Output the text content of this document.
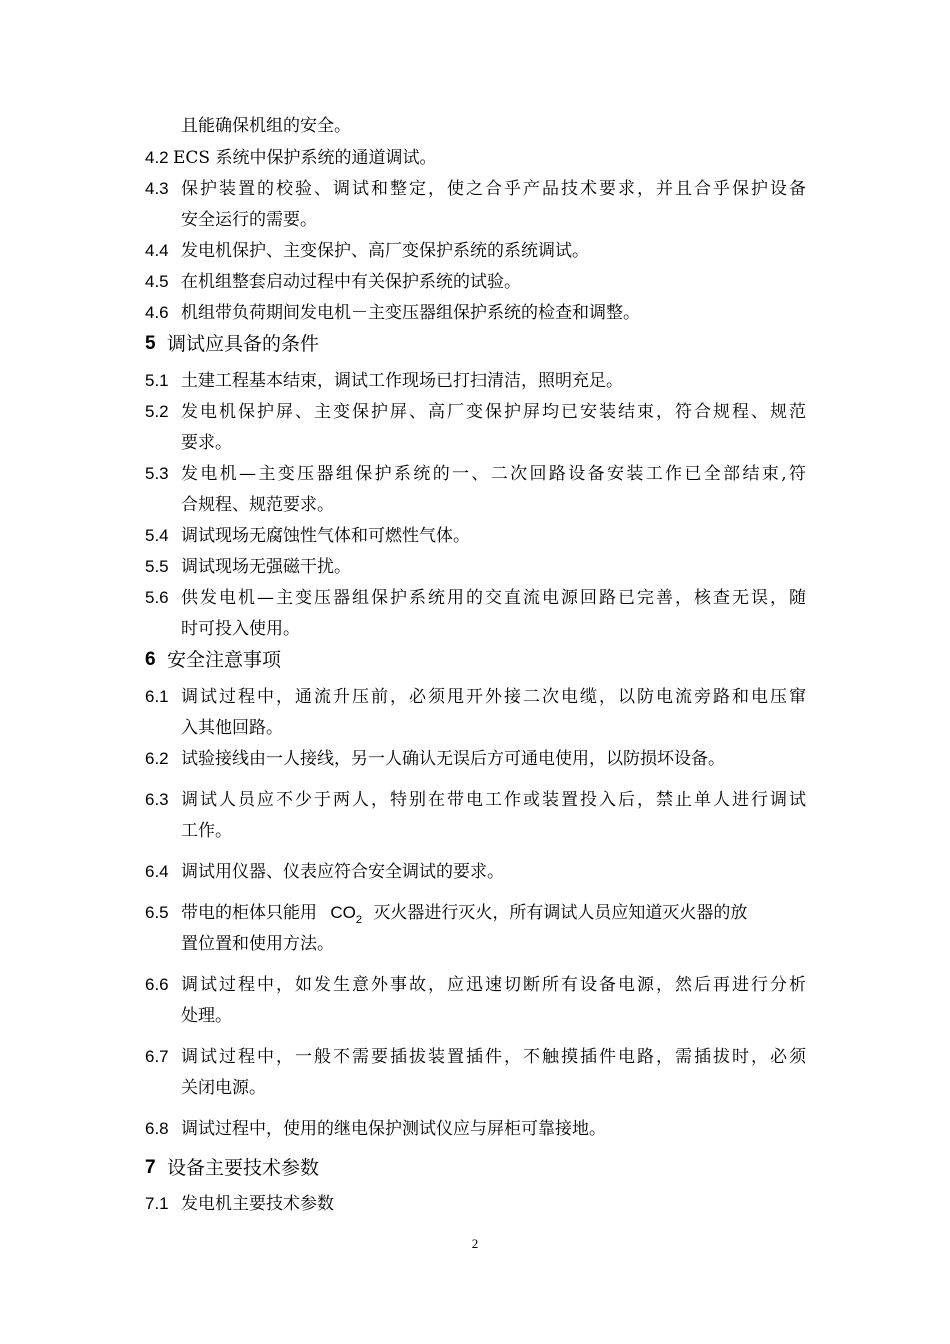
且能确保机组的安全。
4.2 ECS 系统中保护系统的通道调试。
4.3 保护装置的校验、调试和整定，使之合乎产品技术要求，并且合乎保护设备
安全运行的需要。
4.4 发电机保护、主变保护、高厂变保护系统的系统调试。
4.5 在机组整套启动过程中有关保护系统的试验。
4.6 机组带负荷期间发电机－主变压器组保护系统的检查和调整。
5 调试应具备的条件
5.1 土建工程基本结束，调试工作现场已打扫清洁，照明充足。
5.2 发电机保护屏、主变保护屏、高厂变保护屏均已安装结束，符合规程、规范
要求。
5.3 发电机—主变压器组保护系统的一、二次回路设备安装工作已全部结束,符
合规程、规范要求。
5.4 调试现场无腐蚀性气体和可燃性气体。
5.5 调试现场无强磁干扰。
5.6 供发电机—主变压器组保护系统用的交直流电源回路已完善，核查无误，随
时可投入使用。
6 安全注意事项
6.1 调试过程中，通流升压前，必须甩开外接二次电缆，以防电流旁路和电压窜
入其他回路。
6.2 试验接线由一人接线，另一人确认无误后方可通电使用，以防损坏设备。
6.3 调试人员应不少于两人，特别在带电工作或装置投入后，禁止单人进行调试
工作。
6.4 调试用仪器、仪表应符合安全调试的要求。
6.5 带电的柜体只能用 $CO_2$ 灭火器进行灭火，所有调试人员应知道灭火器的放
置位置和使用方法。
6.6 调试过程中，如发生意外事故，应迅速切断所有设备电源，然后再进行分析
处理。
6.7 调试过程中，一般不需要插拔装置插件，不触摸插件电路，需插拔时，必须
关闭电源。
6.8 调试过程中，使用的继电保护测试仪应与屏柜可靠接地。
7 设备主要技术参数
7.1 发电机主要技术参数
2
